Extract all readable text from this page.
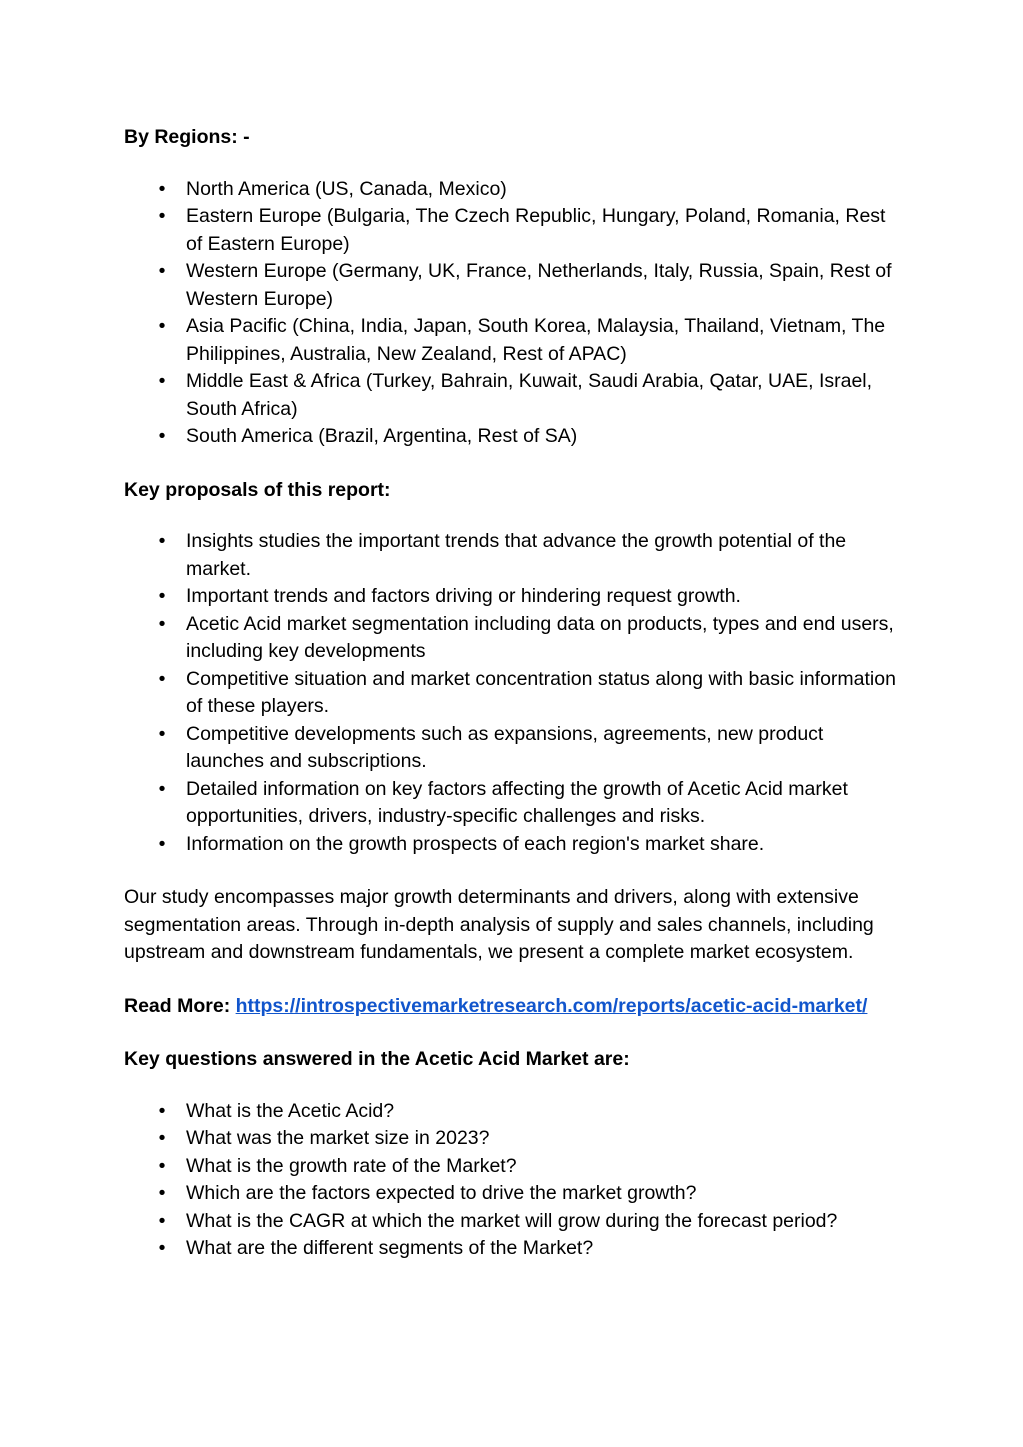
By Regions: -

• North America (US, Canada, Mexico)
• Eastern Europe (Bulgaria, The Czech Republic, Hungary, Poland, Romania, Rest of Eastern Europe)
• Western Europe (Germany, UK, France, Netherlands, Italy, Russia, Spain, Rest of Western Europe)
• Asia Pacific (China, India, Japan, South Korea, Malaysia, Thailand, Vietnam, The Philippines, Australia, New Zealand, Rest of APAC)
• Middle East & Africa (Turkey, Bahrain, Kuwait, Saudi Arabia, Qatar, UAE, Israel, South Africa)
• South America (Brazil, Argentina, Rest of SA)

Key proposals of this report:

• Insights studies the important trends that advance the growth potential of the market.
• Important trends and factors driving or hindering request growth.
• Acetic Acid market segmentation including data on products, types and end users, including key developments
• Competitive situation and market concentration status along with basic information of these players.
• Competitive developments such as expansions, agreements, new product launches and subscriptions.
• Detailed information on key factors affecting the growth of Acetic Acid market opportunities, drivers, industry-specific challenges and risks.
• Information on the growth prospects of each region's market share.

Our study encompasses major growth determinants and drivers, along with extensive segmentation areas. Through in-depth analysis of supply and sales channels, including upstream and downstream fundamentals, we present a complete market ecosystem.

Read More: https://introspectivemarketresearch.com/reports/acetic-acid-market/

Key questions answered in the Acetic Acid Market are:

• What is the Acetic Acid?
• What was the market size in 2023?
• What is the growth rate of the Market?
• Which are the factors expected to drive the market growth?
• What is the CAGR at which the market will grow during the forecast period?
• What are the different segments of the Market?
